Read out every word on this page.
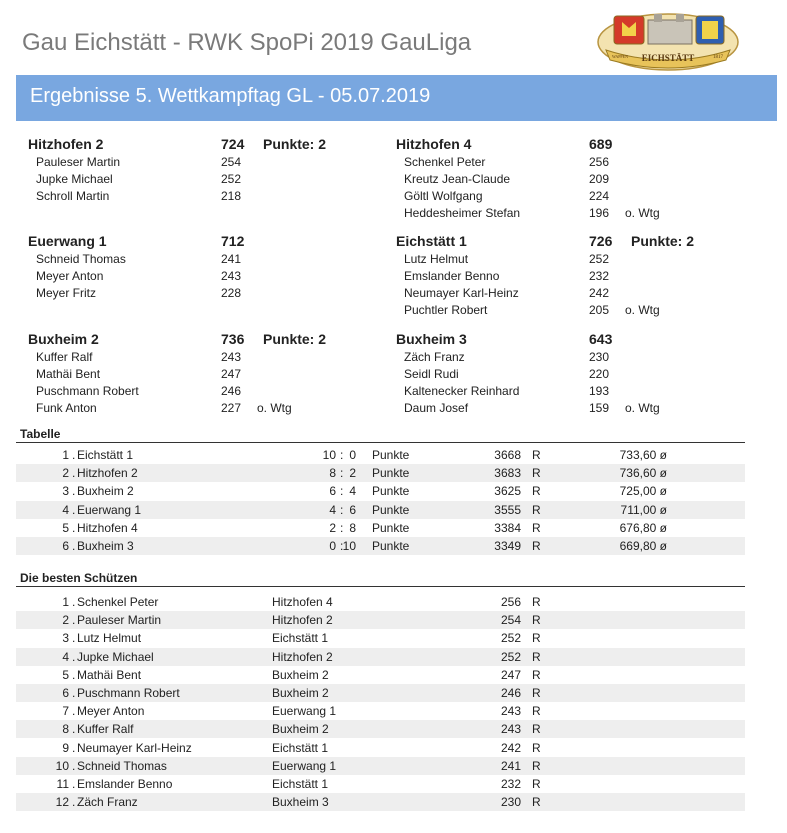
Gau Eichstätt - RWK SpoPi 2019 GauLiga
EICHSTÄTT
WAPPEN	1817
Ergebnisse 5. Wettkampftag GL - 05.07.2019
Hitzhofen 2	724 Punkte: 2
Pauleser Martin	254
Jupke Michael	252
Schroll Martin	218
Hitzhofen 4	689
Schenkel Peter	256
Kreutz Jean-Claude	209
Göltl Wolfgang	224
Heddesheimer Stefan	196 o. Wtg
Euerwang 1	712
Schneid Thomas	241
Meyer Anton	243
Meyer Fritz	228
Eichstätt 1	726 Punkte: 2
Lutz Helmut	252
Emslander Benno	232
Neumayer Karl-Heinz	242
Puchtler Robert	205 o. Wtg
Buxheim 2	736 Punkte: 2
Kuffer Ralf	243
Mathäi Bent	247
Puschmann Robert	246
Funk Anton	227 o. Wtg
Buxheim 3	643
Zäch Franz	230
Seidl Rudi	220
Kaltenecker Reinhard	193
Daum Josef	159 o. Wtg
Tabelle
1 . Eichstätt 1	10 : 0 Punkte	3668 R	733,60 ø
2 . Hitzhofen 2	8 : 2 Punkte	3683 R	736,60 ø
3 . Buxheim 2	6 : 4 Punkte	3625 R	725,00 ø
4 . Euerwang 1	4 : 6 Punkte	3555 R	711,00 ø
5 . Hitzhofen 4	2 : 8 Punkte	3384 R	676,80 ø
6 . Buxheim 3	0 : 10 Punkte	3349 R	669,80 ø
Die besten Schützen
1 . Schenkel Peter	Hitzhofen 4	256 R
2 . Pauleser Martin	Hitzhofen 2	254 R
3 . Lutz Helmut	Eichstätt 1	252 R
4 . Jupke Michael	Hitzhofen 2	252 R
5 . Mathäi Bent	Buxheim 2	247 R
6 . Puschmann Robert	Buxheim 2	246 R
7 . Meyer Anton	Euerwang 1	243 R
8 . Kuffer Ralf	Buxheim 2	243 R
9 . Neumayer Karl-Heinz	Eichstätt 1	242 R
10 . Schneid Thomas	Euerwang 1	241 R
11 . Emslander Benno	Eichstätt 1	232 R
12 . Zäch Franz	Buxheim 3	230 R
